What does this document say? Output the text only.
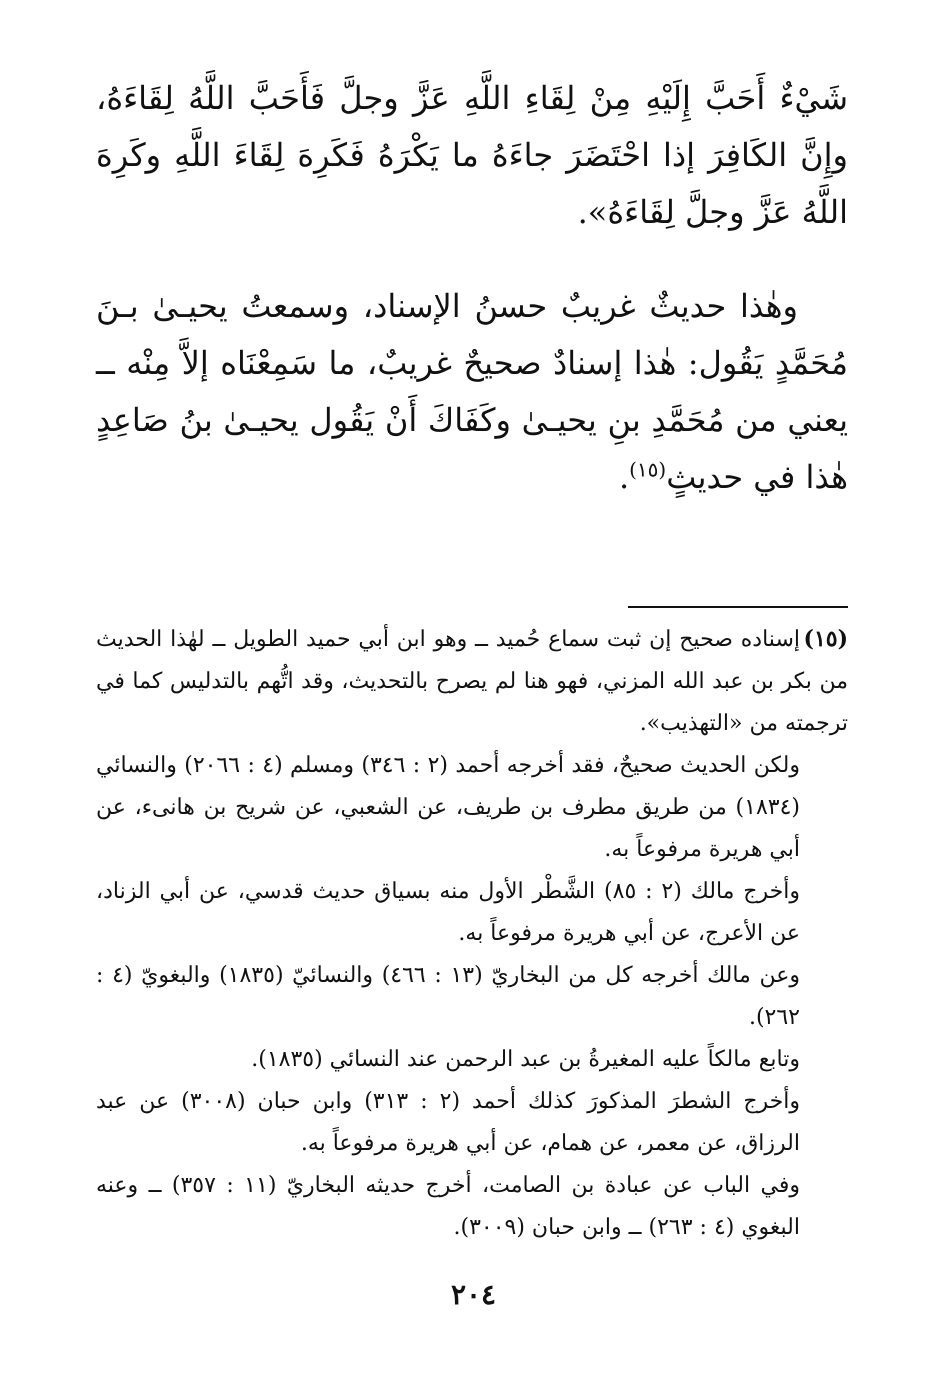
شَيْءٌ أَحَبَّ إِلَيْهِ مِنْ لِقَاءِ اللَّهِ عَزَّ وجلَّ فَأَحَبَّ اللَّهُ لِقَاءَهُ، وإِنَّ الكَافِرَ إذا احْتَضَرَ جاءَهُ ما يَكْرَهُ فَكَرِهَ لِقَاءَ اللَّهِ وكَرِهَ اللَّهُ عَزَّ وجلَّ لِقَاءَهُ».

وهٰذا حديثٌ غريبٌ حسنُ الإسناد، وسمعتُ يحيـىٰ بـنَ مُحَمَّدٍ يَقُول: هٰذا إسنادٌ صحيحٌ غريبٌ، ما سَمِعْنَاه إلاَّ مِنْه ــ يعني من مُحَمَّدِ بنِ يحيـىٰ وكَفَاكَ أَنْ يَقُول يحيـىٰ بنُ صَاعِدٍ هٰذا في حديثٍ$^{(١٥)}$.

(١٥)إسناده صحيح إن ثبت سماع حُميد ــ وهو ابن أبي حميد الطويل ــ لهٰذا الحديث من بكر بن عبد الله المزني، فهو هنا لم يصرح بالتحديث، وقد اتُّهم بالتدليس كما في ترجمته من «التهذيب».

ولكن الحديث صحيحٌ، فقد أخرجه أحمد (٢ : ٣٤٦) ومسلم (٤ : ٢٠٦٦) والنسائي (١٨٣٤) من طريق مطرف بن طريف، عن الشعبي، عن شريح بن هانىء، عن أبي هريرة مرفوعاً به.

وأخرج مالك (٢ : ٨٥) الشَّطْر الأول منه بسياق حديث قدسي، عن أبي الزناد، عن الأعرج، عن أبي هريرة مرفوعاً به.

وعن مالك أخرجه كل من البخاريّ (١٣ : ٤٦٦) والنسائيّ (١٨٣٥) والبغويّ (٤ : ٢٦٢).

وتابع مالكاً عليه المغيرةُ بن عبد الرحمن عند النسائي (١٨٣٥).

وأخرج الشطرَ المذكورَ كذلك أحمد (٢ : ٣١٣) وابن حبان (٣٠٠٨) عن عبد الرزاق، عن معمر، عن همام، عن أبي هريرة مرفوعاً به.

وفي الباب عن عبادة بن الصامت، أخرج حديثه البخاريّ (١١ : ٣٥٧) ــ وعنه البغوي (٤ : ٢٦٣) ــ وابن حبان (٣٠٠٩).

٢٠٤
